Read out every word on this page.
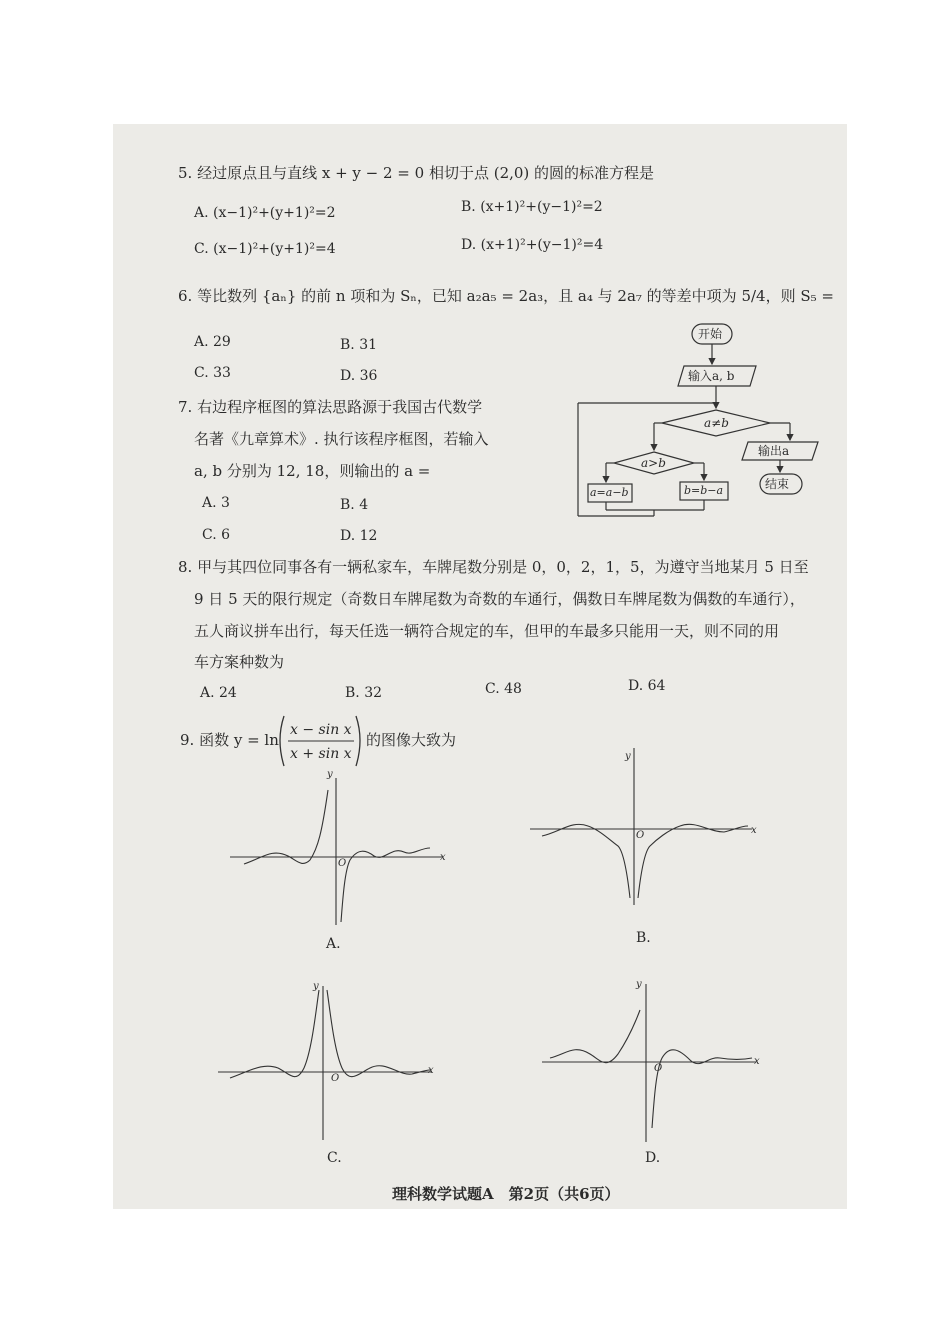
5. 经过原点且与直线 x + y − 2 = 0 相切于点 (2,0) 的圆的标准方程是
A. (x−1)²+(y+1)²=2	B. (x+1)²+(y−1)²=2
C. (x−1)²+(y+1)²=4	D. (x+1)²+(y−1)²=4
6. 等比数列 {aₙ} 的前 n 项和为 Sₙ，已知 a₂a₅ = 2a₃，且 a₄ 与 2a₇ 的等差中项为 5/4，则 S₅ =
A. 29	B. 31
C. 33	D. 36
7. 右边程序框图的算法思路源于我国古代数学
名著《九章算术》. 执行该程序框图，若输入
a, b 分别为 12, 18，则输出的 a =
A. 3	B. 4
C. 6	D. 12
开始
输入a, b
a≠b
输出a
结束
a>b
a=a−b	b=b−a
8. 甲与其四位同事各有一辆私家车，车牌尾数分别是 0，0，2，1，5，为遵守当地某月 5 日至
9 日 5 天的限行规定（奇数日车牌尾数为奇数的车通行，偶数日车牌尾数为偶数的车通行），
五人商议拼车出行，每天任选一辆符合规定的车，但甲的车最多只能用一天，则不同的用
车方案种数为
A. 24	B. 32	C. 48	D. 64
9. 函数 y = ln
x − sin x
x + sin x
的图像大致为
y
x
O
A.
y
x
O
B.
y
x
O
C.
y
x
O
D.
理科数学试题A　第2页（共6页）
